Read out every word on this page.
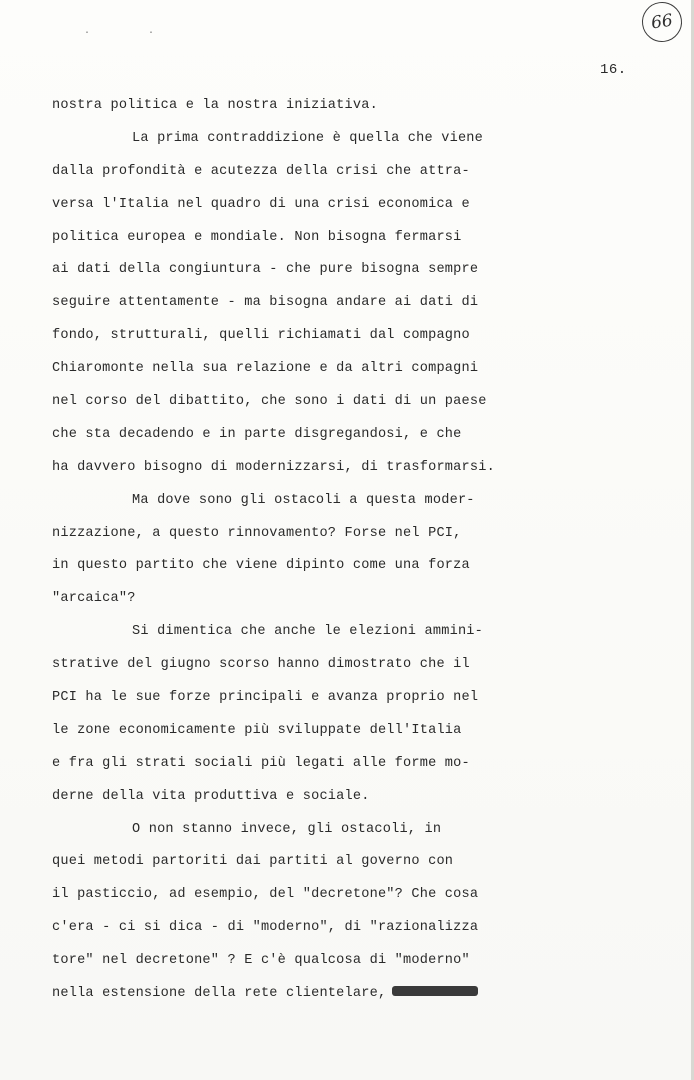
66
· ·
16.
nostra politica e la nostra iniziativa.
La prima contraddizione è quella che viene
dalla profondità e acutezza della crisi che attra-
versa l'Italia nel quadro di una crisi economica e
politica europea e mondiale. Non bisogna fermarsi
ai dati della congiuntura - che pure bisogna sempre
seguire attentamente - ma bisogna andare ai dati di
fondo, strutturali, quelli richiamati dal compagno
Chiaromonte nella sua relazione e da altri compagni
nel corso del dibattito, che sono i dati di un paese
che sta decadendo e in parte disgregandosi, e che
ha davvero bisogno di modernizzarsi, di trasformarsi.
Ma dove sono gli ostacoli a questa moder-
nizzazione, a questo rinnovamento? Forse nel PCI,
in questo partito che viene dipinto come una forza
"arcaica"?
Si dimentica che anche le elezioni ammini-
strative del giugno scorso hanno dimostrato che il
PCI ha le sue forze principali e avanza proprio nel
le zone economicamente più sviluppate dell'Italia
e fra gli strati sociali più legati alle forme mo-
derne della vita produttiva e sociale.
O non stanno invece, gli ostacoli, in
quei metodi partoriti dai partiti al governo con
il pasticcio, ad esempio, del "decretone"? Che cosa
c'era - ci si dica - di "moderno", di "razionalizza
tore" nel decretone" ? E c'è qualcosa di "moderno"
nella estensione della rete clientelare,
